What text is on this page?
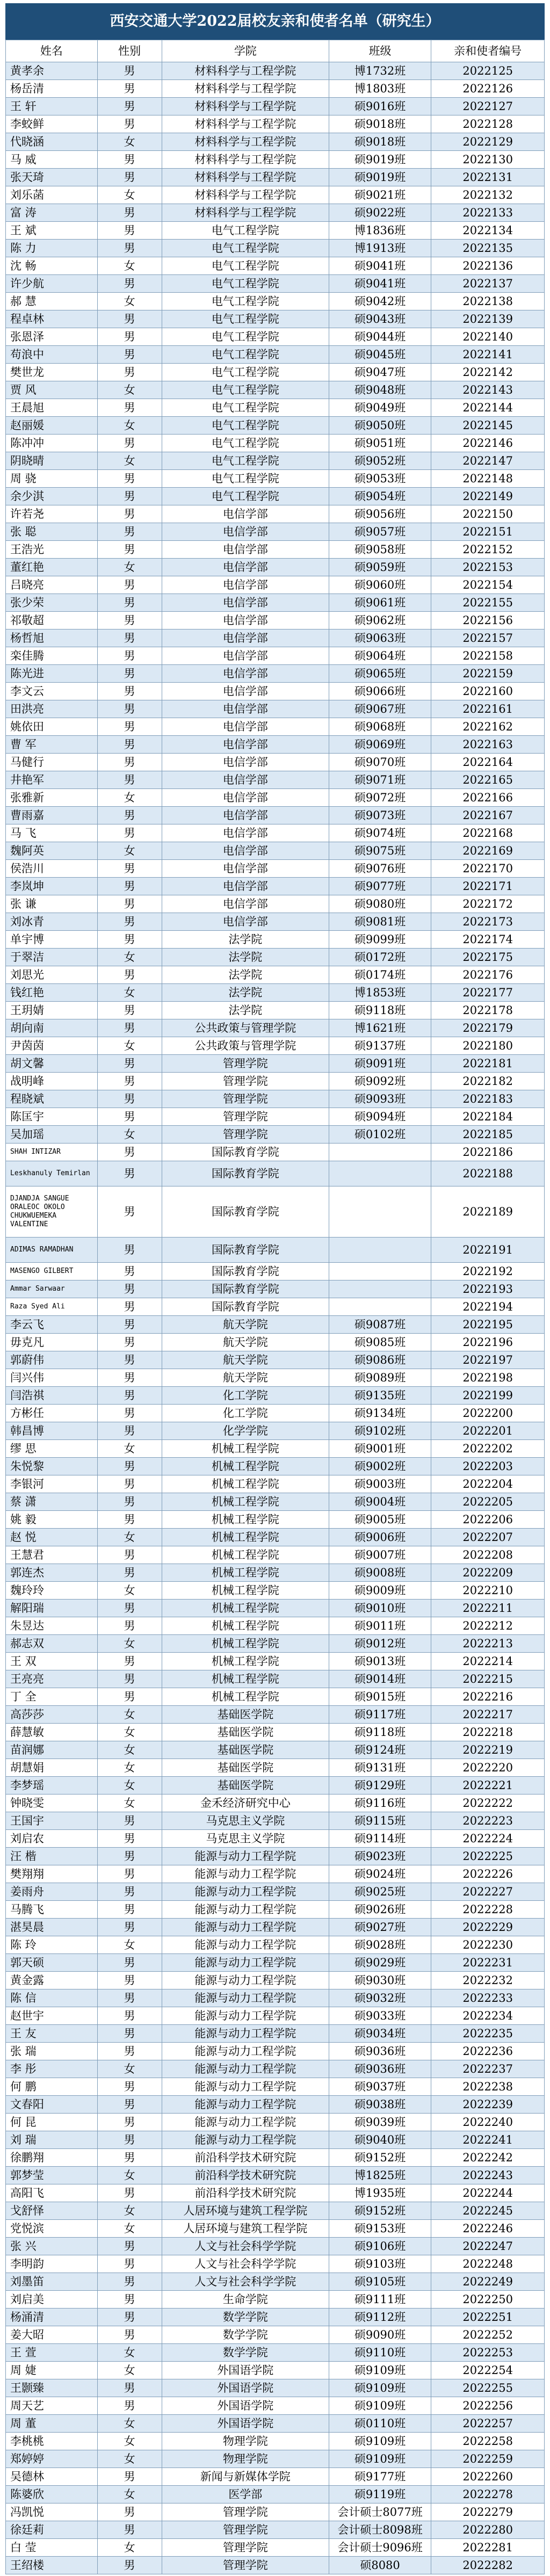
西安交通大学2022届校友亲和使者名单（研究生）
姓名	性别	学院	班级	亲和使者编号
黄孝余	男	材料科学与工程学院	博1732班	2022125
杨岳清	男	材料科学与工程学院	博1803班	2022126
王 轩	男	材料科学与工程学院	硕9016班	2022127
李蛟鲜	男	材料科学与工程学院	硕9018班	2022128
代晓涵	女	材料科学与工程学院	硕9018班	2022129
马 威	男	材料科学与工程学院	硕9019班	2022130
张天琦	男	材料科学与工程学院	硕9019班	2022131
刘乐菡	女	材料科学与工程学院	硕9021班	2022132
富 涛	男	材料科学与工程学院	硕9022班	2022133
王 斌	男	电气工程学院	博1836班	2022134
陈 力	男	电气工程学院	博1913班	2022135
沈 畅	女	电气工程学院	硕9041班	2022136
许少航	男	电气工程学院	硕9041班	2022137
郝 慧	女	电气工程学院	硕9042班	2022138
程卓林	男	电气工程学院	硕9043班	2022139
张恩泽	男	电气工程学院	硕9044班	2022140
苟浪中	男	电气工程学院	硕9045班	2022141
樊世龙	男	电气工程学院	硕9047班	2022142
贾 风	女	电气工程学院	硕9048班	2022143
王晨旭	男	电气工程学院	硕9049班	2022144
赵丽媛	女	电气工程学院	硕9050班	2022145
陈冲冲	男	电气工程学院	硕9051班	2022146
阴晓晴	女	电气工程学院	硕9052班	2022147
周 骁	男	电气工程学院	硕9053班	2022148
余少淇	男	电气工程学院	硕9054班	2022149
许若尧	男	电信学部	硕9056班	2022150
张 聪	男	电信学部	硕9057班	2022151
王浩光	男	电信学部	硕9058班	2022152
董红艳	女	电信学部	硕9059班	2022153
吕晓亮	男	电信学部	硕9060班	2022154
张少荣	男	电信学部	硕9061班	2022155
祁敬超	男	电信学部	硕9062班	2022156
杨哲旭	男	电信学部	硕9063班	2022157
栾佳腾	男	电信学部	硕9064班	2022158
陈光进	男	电信学部	硕9065班	2022159
李文云	男	电信学部	硕9066班	2022160
田洪亮	男	电信学部	硕9067班	2022161
姚依田	男	电信学部	硕9068班	2022162
曹 军	男	电信学部	硕9069班	2022163
马健行	男	电信学部	硕9070班	2022164
井艳军	男	电信学部	硕9071班	2022165
张雅新	女	电信学部	硕9072班	2022166
曹雨嘉	男	电信学部	硕9073班	2022167
马 飞	男	电信学部	硕9074班	2022168
魏阿英	女	电信学部	硕9075班	2022169
侯浩川	男	电信学部	硕9076班	2022170
李岚坤	男	电信学部	硕9077班	2022171
张 谦	男	电信学部	硕9080班	2022172
刘冰青	男	电信学部	硕9081班	2022173
单宇博	男	法学院	硕9099班	2022174
于翠洁	女	法学院	硕0172班	2022175
刘思光	男	法学院	硕0174班	2022176
钱红艳	女	法学院	博1853班	2022177
王玥婧	男	法学院	硕9118班	2022178
胡向南	男	公共政策与管理学院	博1621班	2022179
尹茵茵	女	公共政策与管理学院	硕9137班	2022180
胡文馨	男	管理学院	硕9091班	2022181
战明峰	男	管理学院	硕9092班	2022182
程晓斌	男	管理学院	硕9093班	2022183
陈匡宇	男	管理学院	硕9094班	2022184
吴加瑶	女	管理学院	硕0102班	2022185
SHAH INTIZAR	男	国际教育学院		2022186
Leskhanuly Temirlan	男	国际教育学院		2022188
DJANDJA SANGUE ORALEOC OKOLO CHUKWUEMEKA VALENTINE	男	国际教育学院		2022189
ADIMAS RAMADHAN	男	国际教育学院		2022191
MASENGO GILBERT	男	国际教育学院		2022192
Ammar Sarwaar	男	国际教育学院		2022193
Raza Syed Ali	男	国际教育学院		2022194
李云飞	男	航天学院	硕9087班	2022195
毋克凡	男	航天学院	硕9085班	2022196
郭蔚伟	男	航天学院	硕9086班	2022197
闫兴伟	男	航天学院	硕9089班	2022198
闫浩祺	男	化工学院	硕9135班	2022199
方彬任	男	化工学院	硕9134班	2022200
韩昌博	男	化学学院	硕9102班	2022201
缪 思	女	机械工程学院	硕9001班	2022202
朱悦黎	男	机械工程学院	硕9002班	2022203
李银河	男	机械工程学院	硕9003班	2022204
蔡 潇	男	机械工程学院	硕9004班	2022205
姚 毅	男	机械工程学院	硕9005班	2022206
赵 悦	女	机械工程学院	硕9006班	2022207
王慧君	男	机械工程学院	硕9007班	2022208
郭连杰	男	机械工程学院	硕9008班	2022209
魏玲玲	女	机械工程学院	硕9009班	2022210
解阳瑞	男	机械工程学院	硕9010班	2022211
朱昱达	男	机械工程学院	硕9011班	2022212
郝志双	女	机械工程学院	硕9012班	2022213
王 双	男	机械工程学院	硕9013班	2022214
王亮亮	男	机械工程学院	硕9014班	2022215
丁 全	男	机械工程学院	硕9015班	2022216
高莎莎	女	基础医学院	硕9117班	2022217
薛慧敏	女	基础医学院	硕9118班	2022218
苗润娜	女	基础医学院	硕9124班	2022219
胡慧娟	女	基础医学院	硕9131班	2022220
李梦瑶	女	基础医学院	硕9129班	2022221
钟晓雯	女	金禾经济研究中心	硕9116班	2022222
王国宇	男	马克思主义学院	硕9115班	2022223
刘启农	男	马克思主义学院	硕9114班	2022224
汪 楷	男	能源与动力工程学院	硕9023班	2022225
樊翔翔	男	能源与动力工程学院	硕9024班	2022226
姜雨舟	男	能源与动力工程学院	硕9025班	2022227
马腾飞	男	能源与动力工程学院	硕9026班	2022228
湛昊晨	男	能源与动力工程学院	硕9027班	2022229
陈 玲	女	能源与动力工程学院	硕9028班	2022230
郭天硕	男	能源与动力工程学院	硕9029班	2022231
黄金露	男	能源与动力工程学院	硕9030班	2022232
陈 信	男	能源与动力工程学院	硕9032班	2022233
赵世宇	男	能源与动力工程学院	硕9033班	2022234
王 友	男	能源与动力工程学院	硕9034班	2022235
张 瑞	男	能源与动力工程学院	硕9036班	2022236
李 彤	女	能源与动力工程学院	硕9036班	2022237
何 鹏	男	能源与动力工程学院	硕9037班	2022238
文春阳	男	能源与动力工程学院	硕9038班	2022239
何 昆	男	能源与动力工程学院	硕9039班	2022240
刘 瑞	男	能源与动力工程学院	硕9040班	2022241
徐鹏翔	男	前沿科学技术研究院	硕9152班	2022242
郭梦莹	女	前沿科学技术研究院	博1825班	2022243
高阳飞	男	前沿科学技术研究院	博1935班	2022244
戈舒怿	女	人居环境与建筑工程学院	硕9152班	2022245
党悦滨	女	人居环境与建筑工程学院	硕9153班	2022246
张 兴	男	人文与社会科学学院	硕9106班	2022247
李明韵	男	人文与社会科学学院	硕9103班	2022248
刘墨笛	男	人文与社会科学学院	硕9105班	2022249
刘启美	男	生命学院	硕9111班	2022250
杨涌清	男	数学学院	硕9112班	2022251
姜大昭	男	数学学院	硕9090班	2022252
王 萱	女	数学学院	硕9110班	2022253
周 婕	女	外国语学院	硕9109班	2022254
王颢臻	男	外国语学院	硕9109班	2022255
周天艺	男	外国语学院	硕9109班	2022256
周 董	女	外国语学院	硕0110班	2022257
李桃桃	女	物理学院	硕9109班	2022258
郑婷婷	女	物理学院	硕9109班	2022259
吴德林	男	新闻与新媒体学院	硕9177班	2022260
陈婆欣	女	医学部	硕9119班	2022278
冯凯悦	男	管理学院	会计硕士8077班	2022279
徐廷莉	男	管理学院	会计硕士8098班	2022280
白 莹	女	管理学院	会计硕士9096班	2022281
王绍楼	男	管理学院	硕8080	2022282
